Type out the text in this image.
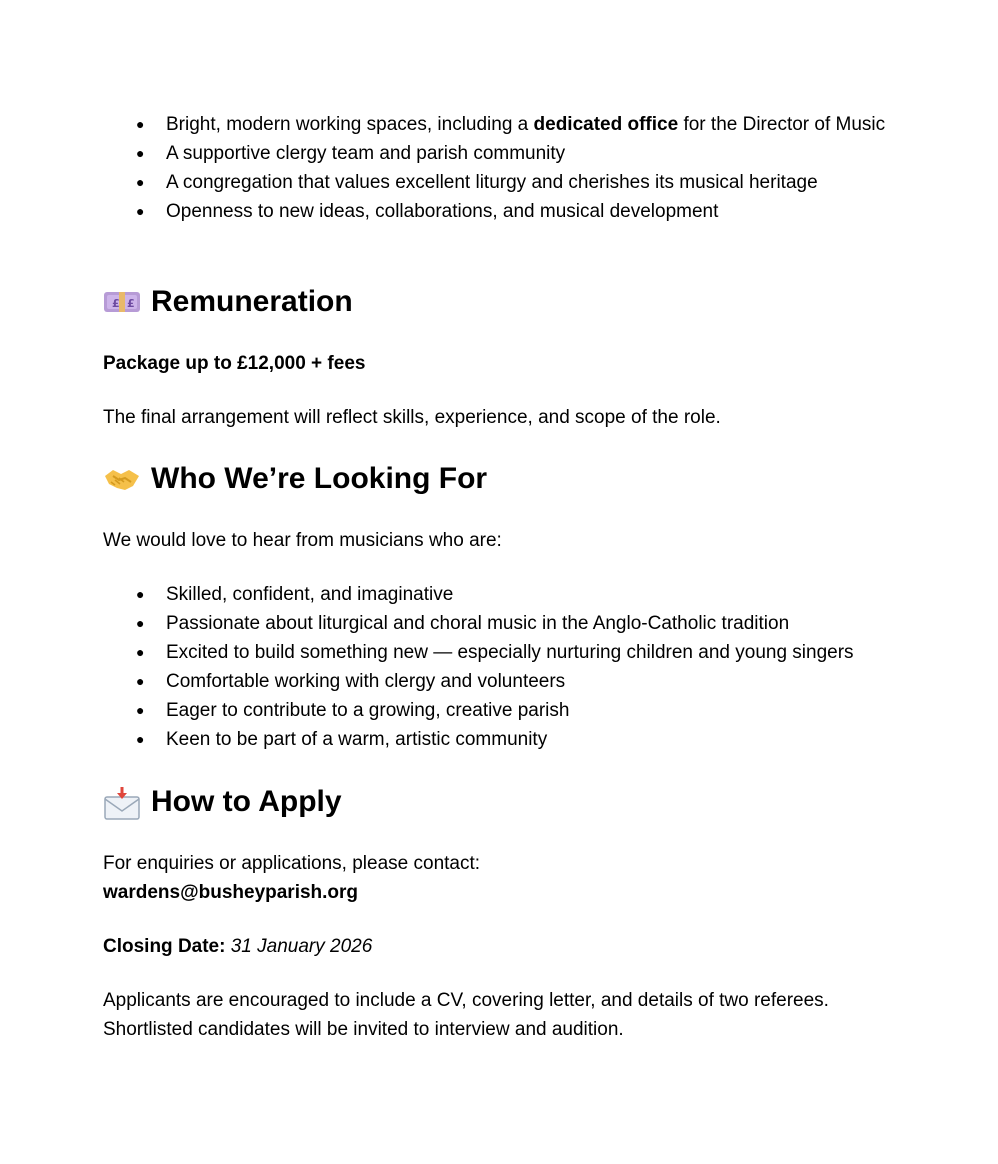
● Bright, modern working spaces, including a dedicated office for the Director of Music
● A supportive clergy team and parish community
● A congregation that values excellent liturgy and cherishes its musical heritage
● Openness to new ideas, collaborations, and musical development
£ £ Remuneration

Package up to £12,000 + fees

The final arrangement will reflect skills, experience, and scope of the role.

Who We’re Looking For

We would love to hear from musicians who are:

● Skilled, confident, and imaginative
● Passionate about liturgical and choral music in the Anglo-Catholic tradition
● Excited to build something new — especially nurturing children and young singers
● Comfortable working with clergy and volunteers
● Eager to contribute to a growing, creative parish
● Keen to be part of a warm, artistic community
How to Apply

For enquiries or applications, please contact:

wardens@busheyparish.org

Closing Date: 31 January 2026

Applicants are encouraged to include a CV, covering letter, and details of two referees.
Shortlisted candidates will be invited to interview and audition.
